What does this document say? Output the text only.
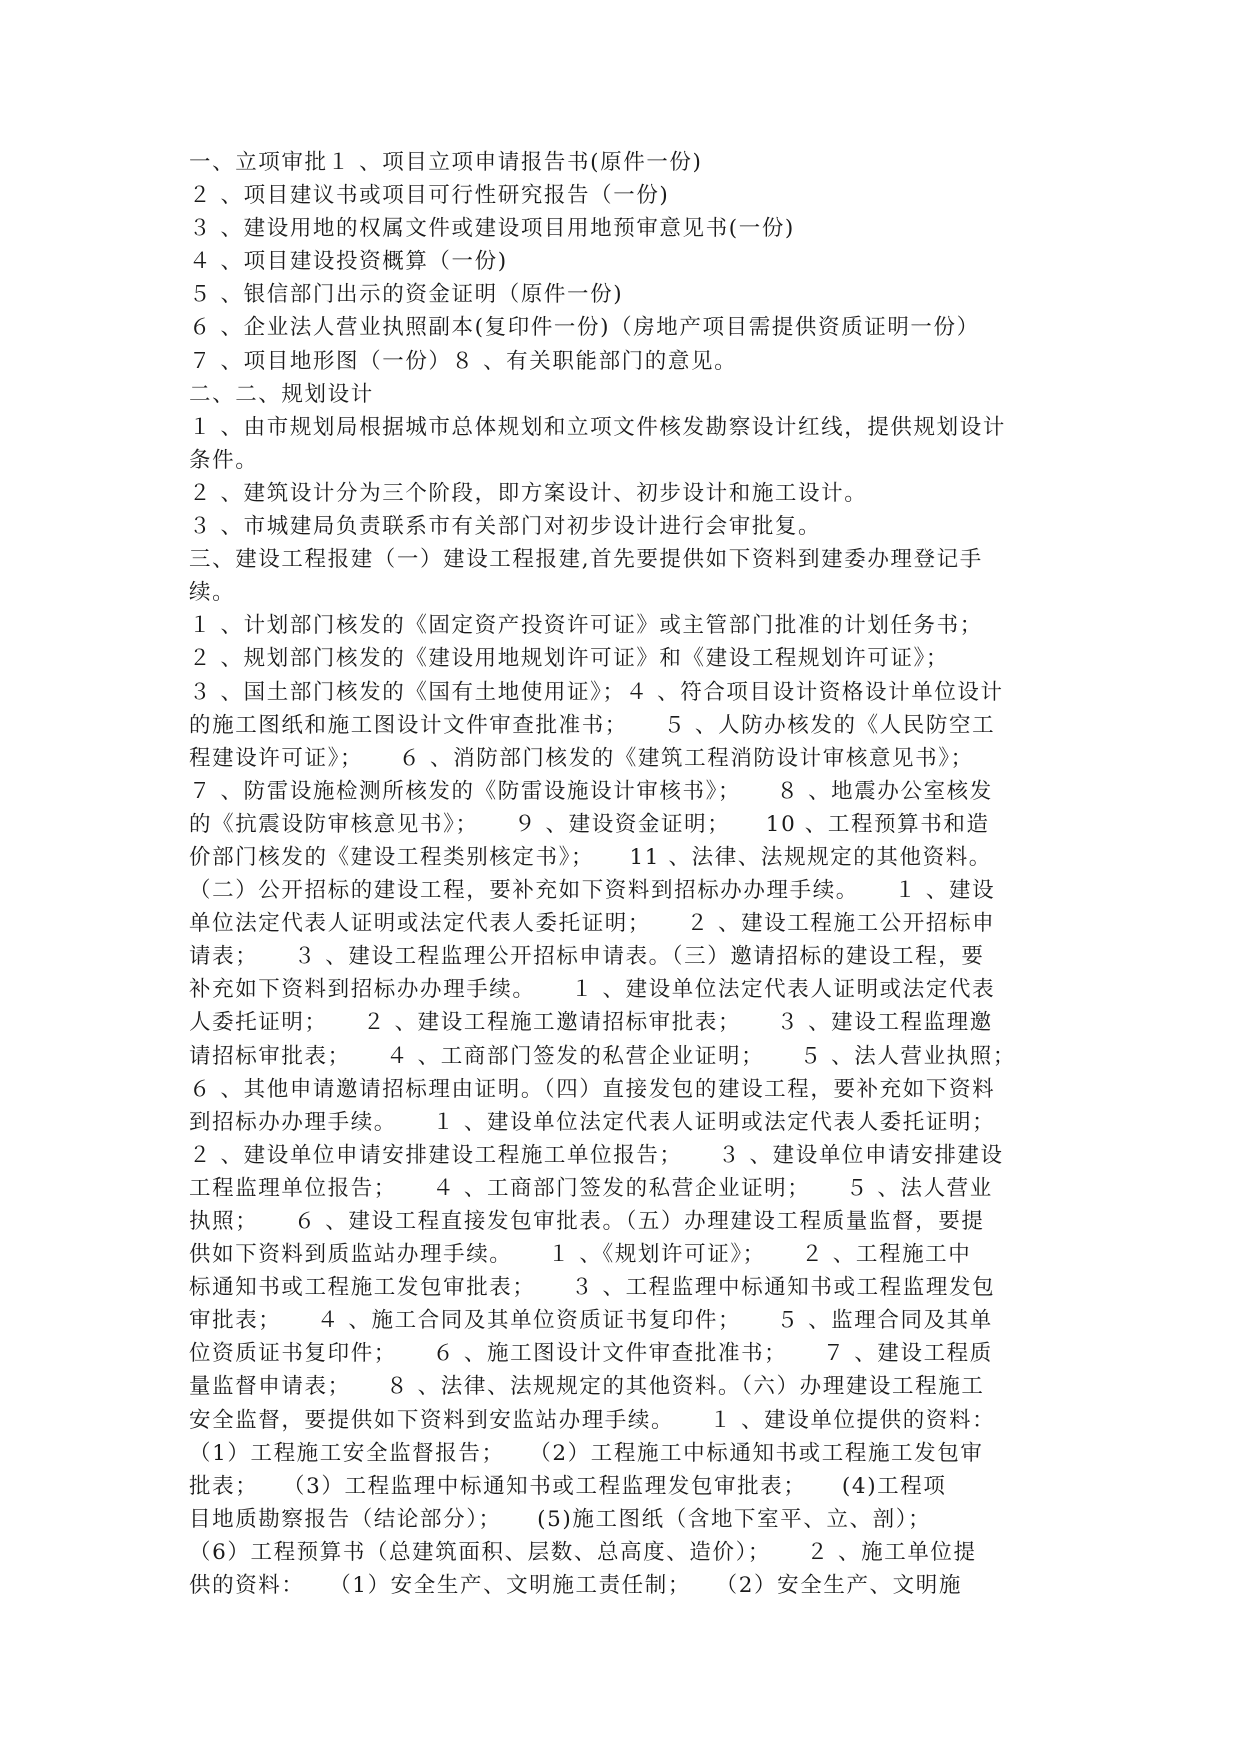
一、立项审批１ 、项目立项申请报告书(原件一份)
２ 、项目建议书或项目可行性研究报告（一份)
３ 、建设用地的权属文件或建设项目用地预审意见书(一份)
４ 、项目建设投资概算（一份)
５ 、银信部门出示的资金证明（原件一份)
６ 、企业法人营业执照副本(复印件一份)（房地产项目需提供资质证明一份）
７ 、项目地形图（一份）８ 、有关职能部门的意见。
二、二、规划设计
１ 、由市规划局根据城市总体规划和立项文件核发勘察设计红线，提供规划设计
条件。
２ 、建筑设计分为三个阶段，即方案设计、初步设计和施工设计。
３ 、市城建局负责联系市有关部门对初步设计进行会审批复。
三、建设工程报建（一）建设工程报建,首先要提供如下资料到建委办理登记手
续。
１ 、计划部门核发的《固定资产投资许可证》或主管部门批准的计划任务书；
２ 、规划部门核发的《建设用地规划许可证》和《建设工程规划许可证》；
３ 、国土部门核发的《国有土地使用证》；４ 、符合项目设计资格设计单位设计
的施工图纸和施工图设计文件审查批准书；　　５ 、人防办核发的《人民防空工
程建设许可证》；　　６ 、消防部门核发的《建筑工程消防设计审核意见书》；
７ 、防雷设施检测所核发的《防雷设施设计审核书》；　　８ 、地震办公室核发
的《抗震设防审核意见书》；　　９ 、建设资金证明；　　10 、工程预算书和造
价部门核发的《建设工程类别核定书》；　　11 、法律、法规规定的其他资料。
（二）公开招标的建设工程，要补充如下资料到招标办办理手续。　　１ 、建设
单位法定代表人证明或法定代表人委托证明；　　２ 、建设工程施工公开招标申
请表；　　３ 、建设工程监理公开招标申请表。（三）邀请招标的建设工程，要
补充如下资料到招标办办理手续。　　１ 、建设单位法定代表人证明或法定代表
人委托证明；　　２ 、建设工程施工邀请招标审批表；　　３ 、建设工程监理邀
请招标审批表；　　４ 、工商部门签发的私营企业证明；　　５ 、法人营业执照；
６ 、其他申请邀请招标理由证明。（四）直接发包的建设工程，要补充如下资料
到招标办办理手续。　　１ 、建设单位法定代表人证明或法定代表人委托证明；
２ 、建设单位申请安排建设工程施工单位报告；　　３ 、建设单位申请安排建设
工程监理单位报告；　　４ 、工商部门签发的私营企业证明；　　５ 、法人营业
执照；　　６ 、建设工程直接发包审批表。（五）办理建设工程质量监督，要提
供如下资料到质监站办理手续。　　１ 、《规划许可证》；　　２ 、工程施工中
标通知书或工程施工发包审批表；　　３ 、工程监理中标通知书或工程监理发包
审批表；　　４ 、施工合同及其单位资质证书复印件；　　５ 、监理合同及其单
位资质证书复印件；　　６ 、施工图设计文件审查批准书；　　７ 、建设工程质
量监督申请表；　　８ 、法律、法规规定的其他资料。（六）办理建设工程施工
安全监督，要提供如下资料到安监站办理手续。　　１ 、建设单位提供的资料：
（1）工程施工安全监督报告；　　（2）工程施工中标通知书或工程施工发包审
批表；　　（3）工程监理中标通知书或工程监理发包审批表；　　(4)工程项
目地质勘察报告（结论部分）；　　(5)施工图纸（含地下室平、立、剖）；
（6）工程预算书（总建筑面积、层数、总高度、造价）；　　２ 、施工单位提
供的资料：　　（1）安全生产、文明施工责任制；　　（2）安全生产、文明施
